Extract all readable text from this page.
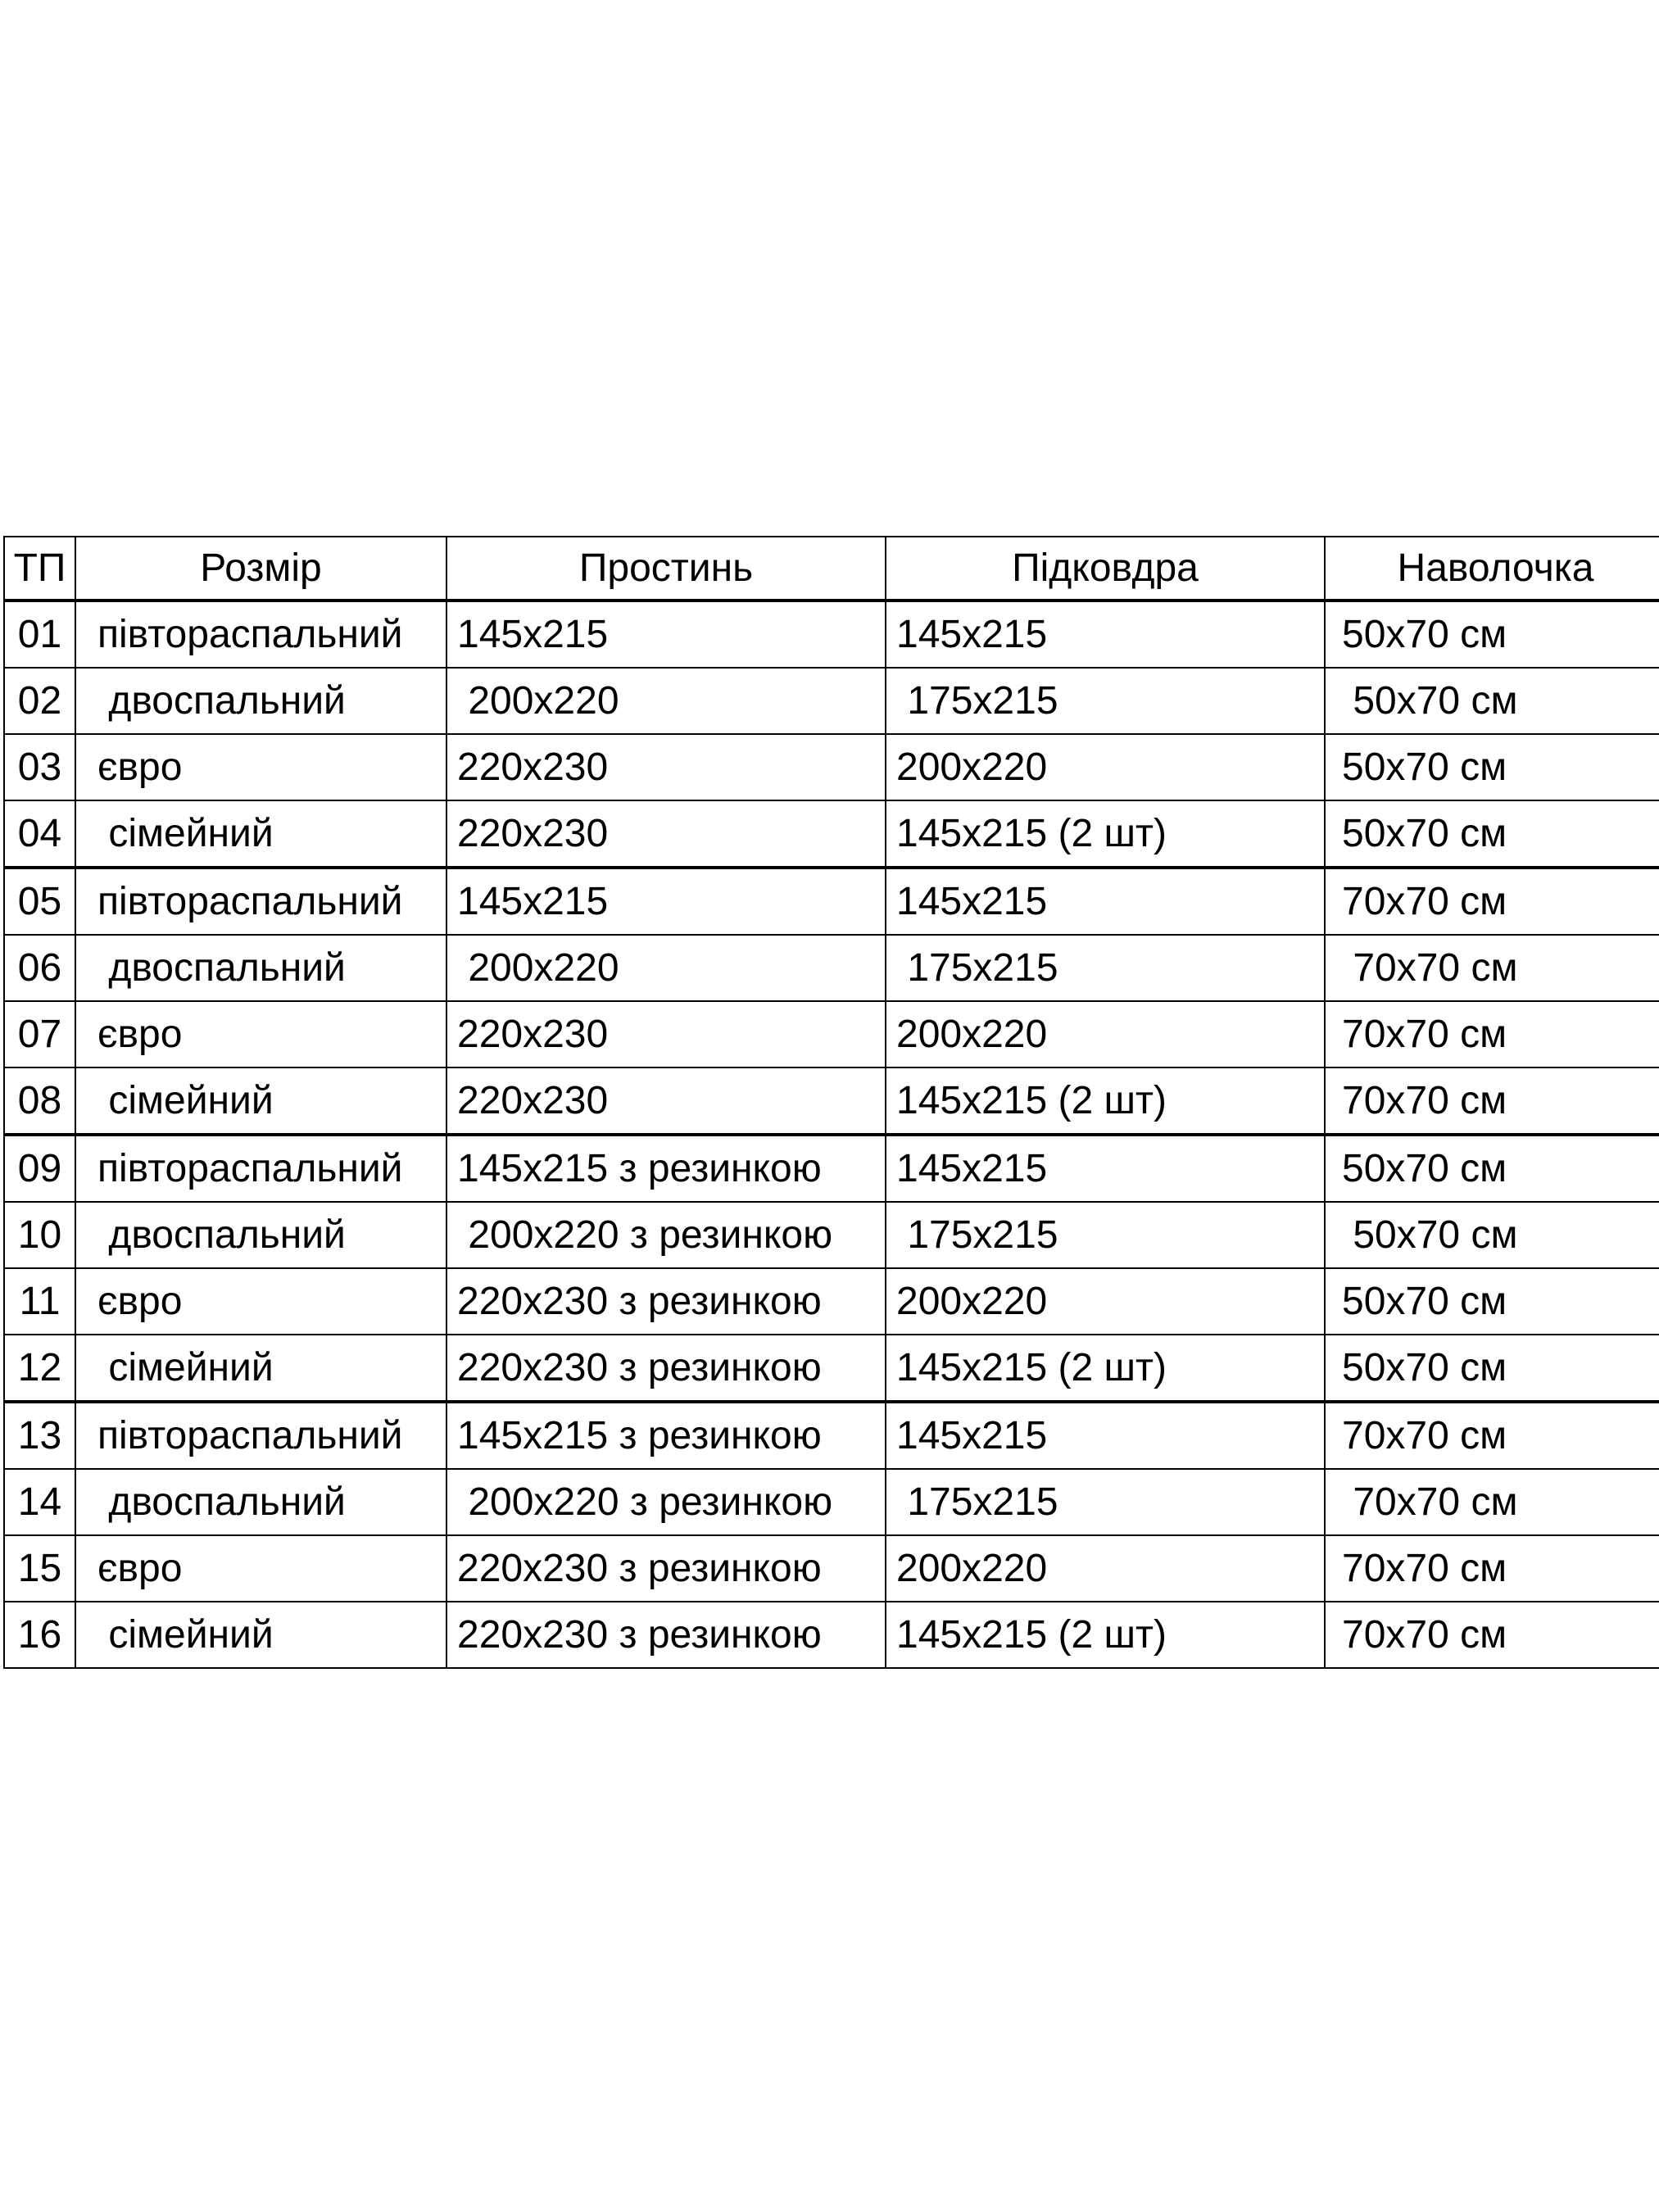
ТП	Розмір	Простинь	Підковдра	Наволочка
01	півтораспальний	145х215	145х215	50х70 см
02	двоспальний	200х220	175х215	50х70 см
03	євро	220х230	200х220	50х70 см
04	сімейний	220х230	145х215 (2 шт)	50х70 см
05	півтораспальний	145х215	145х215	70х70 см
06	двоспальний	200х220	175х215	70х70 см
07	євро	220х230	200х220	70х70 см
08	сімейний	220х230	145х215 (2 шт)	70х70 см
09	півтораспальний	145х215 з резинкою	145х215	50х70 см
10	двоспальний	200х220 з резинкою	175х215	50х70 см
11	євро	220х230 з резинкою	200х220	50х70 см
12	сімейний	220х230 з резинкою	145х215 (2 шт)	50х70 см
13	півтораспальний	145х215 з резинкою	145х215	70х70 см
14	двоспальний	200х220 з резинкою	175х215	70х70 см
15	євро	220х230 з резинкою	200х220	70х70 см
16	сімейний	220х230 з резинкою	145х215 (2 шт)	70х70 см
